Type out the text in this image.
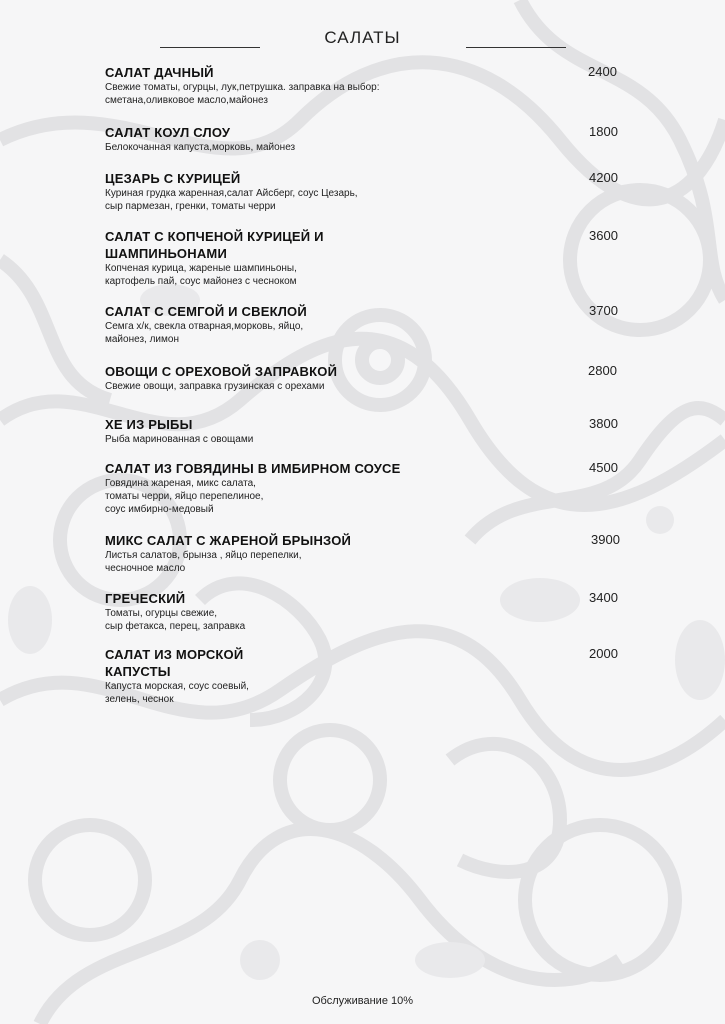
САЛАТЫ
САЛАТ ДАЧНЫЙ
Свежие томаты, огурцы, лук,петрушка. заправка на выбор:
сметана,оливковое масло,майонез
2400
САЛАТ КОУЛ СЛОУ
Белокочанная капуста,морковь, майонез
1800
ЦЕЗАРЬ С КУРИЦЕЙ
Куриная грудка жаренная,салат Айсберг, соус Цезарь,
сыр пармезан, гренки, томаты черри
4200
САЛАТ С КОПЧЕНОЙ КУРИЦЕЙ И ШАМПИНЬОНАМИ
Копченая курица, жареные шампиньоны,
картофель пай, соус майонез с чесноком
3600
САЛАТ С СЕМГОЙ И СВЕКЛОЙ
Семга х/к, свекла отварная,морковь, яйцо,
майонез, лимон
3700
ОВОЩИ С ОРЕХОВОЙ ЗАПРАВКОЙ
Свежие овощи, заправка грузинская с орехами
2800
ХЕ ИЗ РЫБЫ
Рыба маринованная с овощами
3800
САЛАТ ИЗ ГОВЯДИНЫ В ИМБИРНОМ СОУСЕ
Говядина жареная, микс салата,
томаты черри, яйцо перепелиное,
соус имбирно-медовый
4500
МИКС САЛАТ С ЖАРЕНОЙ БРЫНЗОЙ
Листья салатов, брынза , яйцо перепелки,
чесночное масло
3900
ГРЕЧЕСКИЙ
Томаты, огурцы свежие,
сыр фетакса, перец, заправка
3400
САЛАТ ИЗ МОРСКОЙ КАПУСТЫ
Капуста морская, соус соевый,
зелень, чеснок
2000
Обслуживание 10%
